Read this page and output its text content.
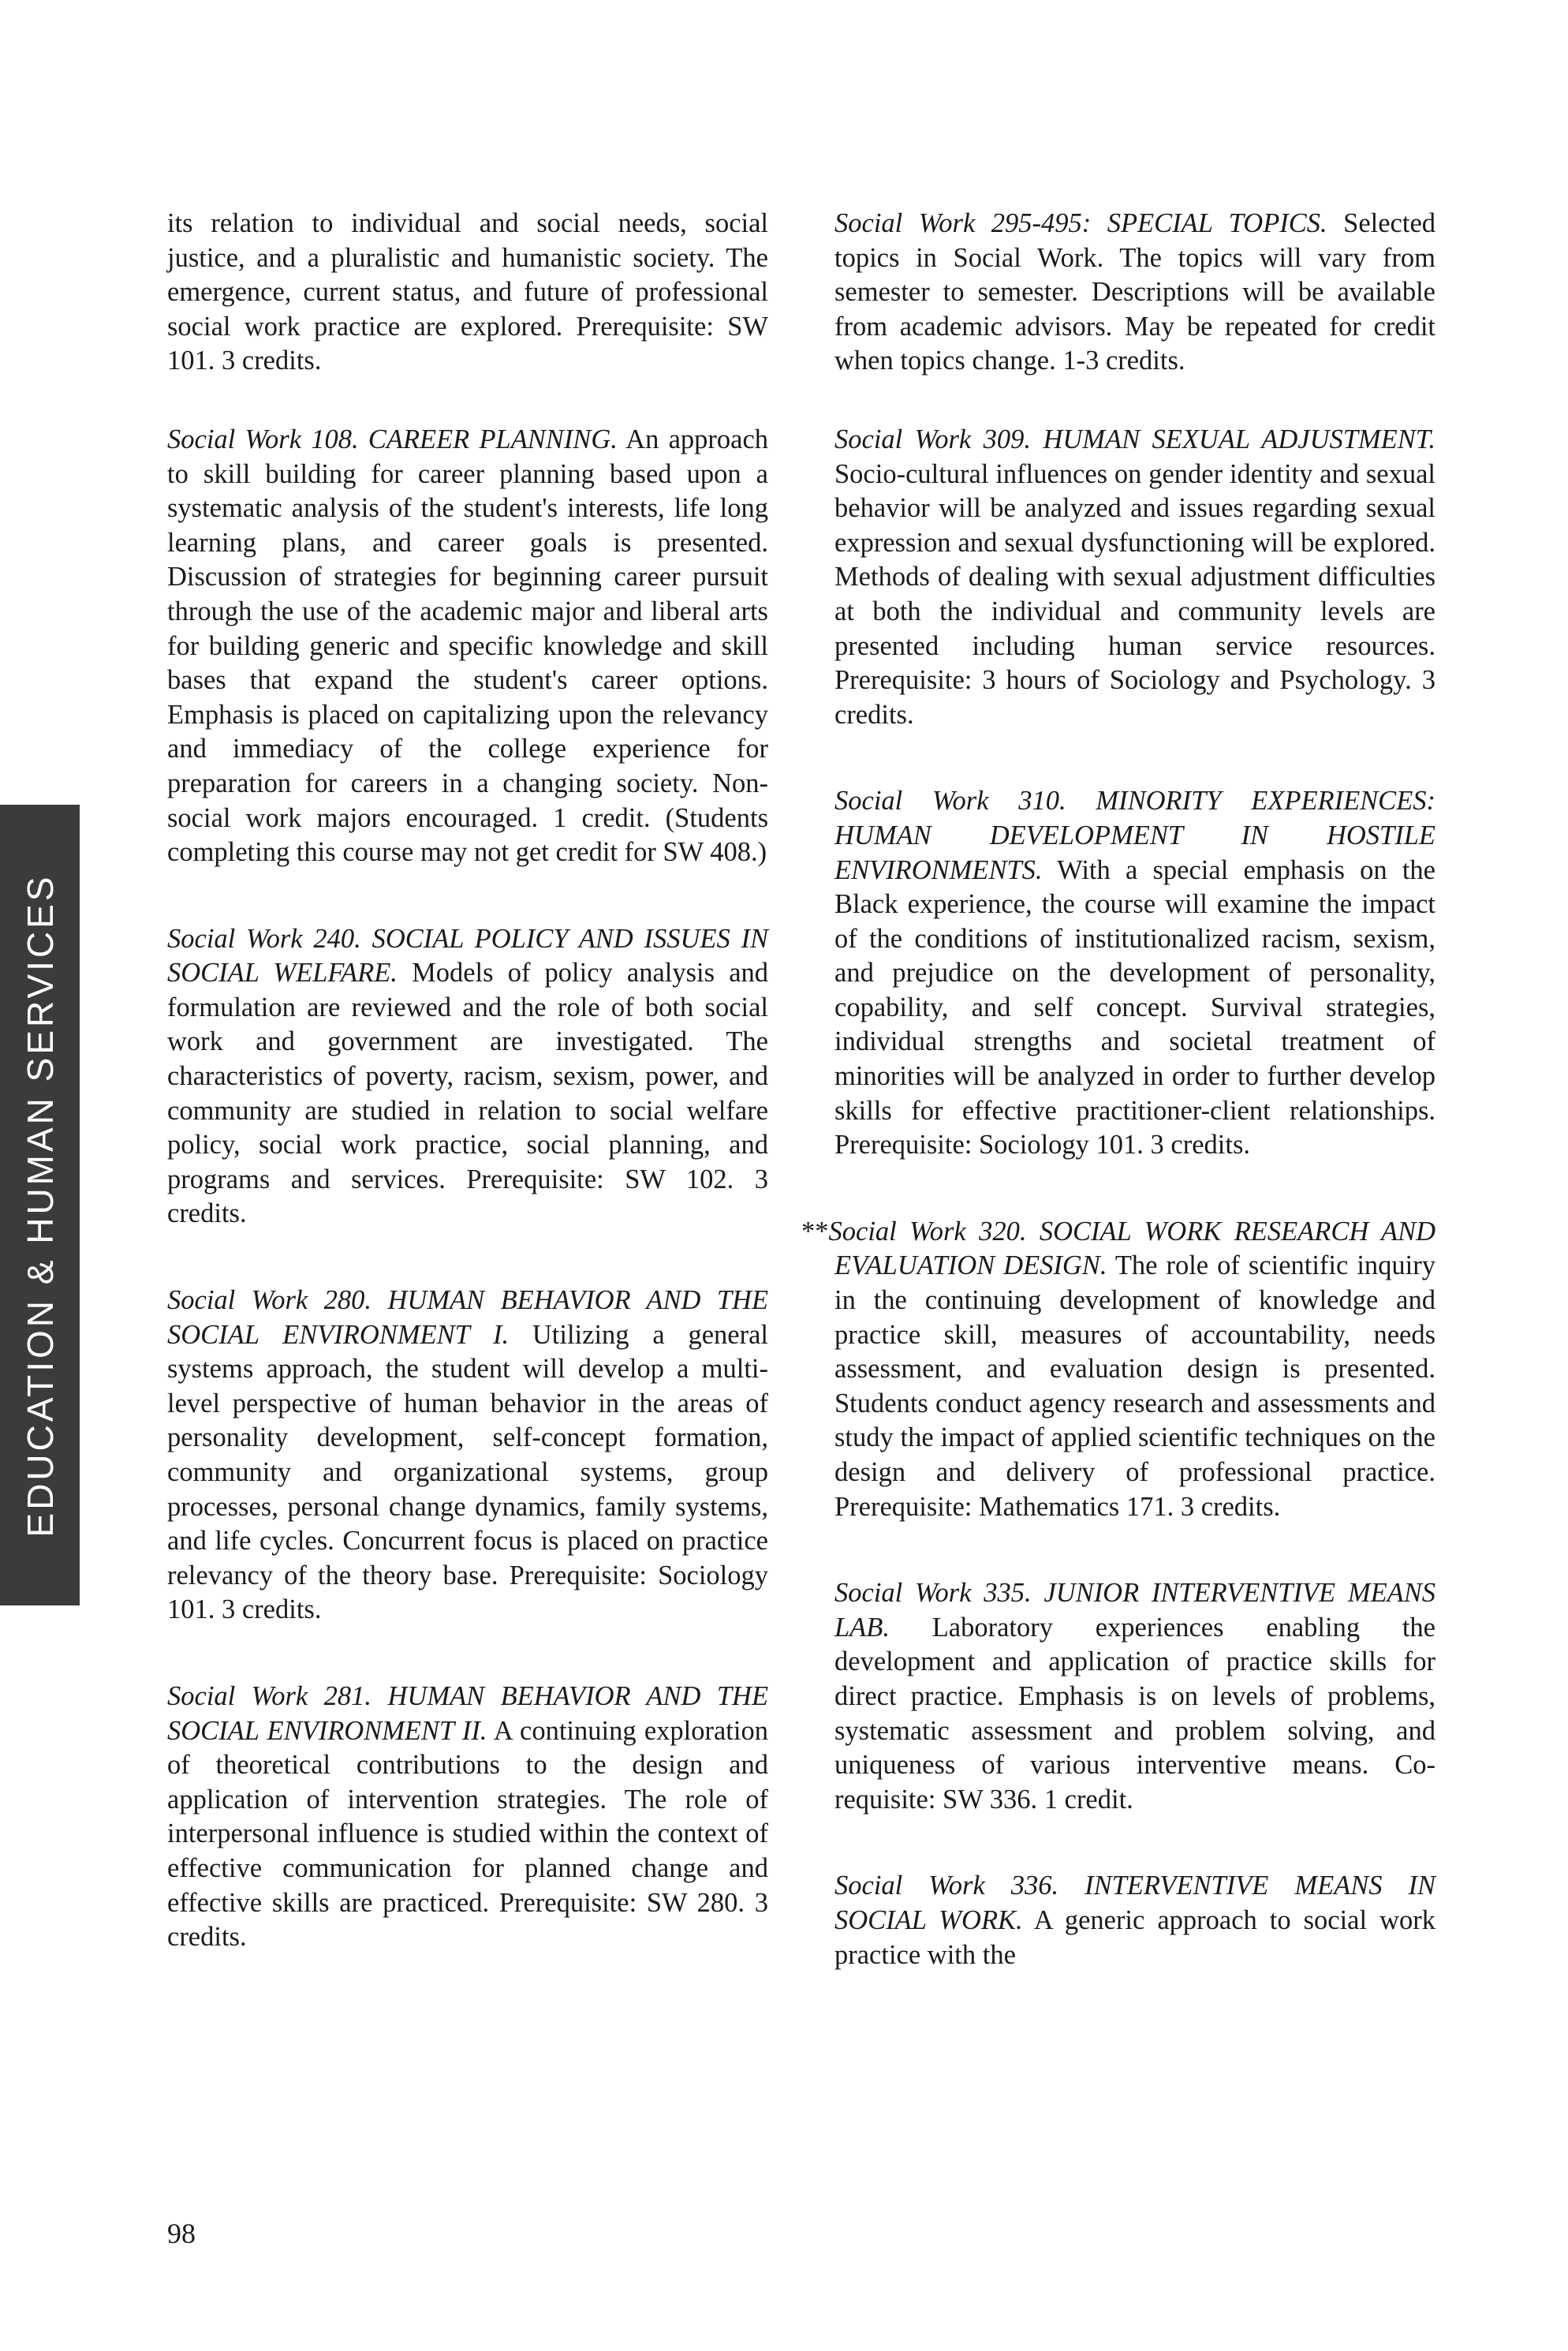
EDUCATION & HUMAN SERVICES

its relation to individual and social needs, social justice, and a pluralistic and humanistic society. The emergence, current status, and future of professional social work practice are explored. Prerequisite: SW 101. 3 credits.

Social Work 108. CAREER PLANNING. An approach to skill building for career planning based upon a systematic analysis of the student's interests, life long learning plans, and career goals is presented. Discussion of strategies for beginning career pursuit through the use of the academic major and liberal arts for building generic and specific knowledge and skill bases that expand the student's career options. Emphasis is placed on capitalizing upon the relevancy and immediacy of the college experience for preparation for careers in a changing society. Non-social work majors encouraged. 1 credit. (Students completing this course may not get credit for SW 408.)

Social Work 240. SOCIAL POLICY AND ISSUES IN SOCIAL WELFARE. Models of policy analysis and formulation are reviewed and the role of both social work and government are investigated. The characteristics of poverty, racism, sexism, power, and community are studied in relation to social welfare policy, social work practice, social planning, and programs and services. Prerequisite: SW 102. 3 credits.

Social Work 280. HUMAN BEHAVIOR AND THE SOCIAL ENVIRONMENT I. Utilizing a general systems approach, the student will develop a multi-level perspective of human behavior in the areas of personality development, self-concept formation, community and organizational systems, group processes, personal change dynamics, family systems, and life cycles. Concurrent focus is placed on practice relevancy of the theory base. Prerequisite: Sociology 101. 3 credits.

Social Work 281. HUMAN BEHAVIOR AND THE SOCIAL ENVIRONMENT II. A continuing exploration of theoretical contributions to the design and application of intervention strategies. The role of interpersonal influence is studied within the context of effective communication for planned change and effective skills are practiced. Prerequisite: SW 280. 3 credits.

Social Work 295-495: SPECIAL TOPICS. Selected topics in Social Work. The topics will vary from semester to semester. Descriptions will be available from academic advisors. May be repeated for credit when topics change. 1-3 credits.

Social Work 309. HUMAN SEXUAL ADJUSTMENT. Socio-cultural influences on gender identity and sexual behavior will be analyzed and issues regarding sexual expression and sexual dysfunctioning will be explored. Methods of dealing with sexual adjustment difficulties at both the individual and community levels are presented including human service resources. Prerequisite: 3 hours of Sociology and Psychology. 3 credits.

Social Work 310. MINORITY EXPERIENCES: HUMAN DEVELOPMENT IN HOSTILE ENVIRONMENTS. With a special emphasis on the Black experience, the course will examine the impact of the conditions of institutionalized racism, sexism, and prejudice on the development of personality, copability, and self concept. Survival strategies, individual strengths and societal treatment of minorities will be analyzed in order to further develop skills for effective practitioner-client relationships. Prerequisite: Sociology 101. 3 credits.

**Social Work 320. SOCIAL WORK RESEARCH AND EVALUATION DESIGN. The role of scientific inquiry in the continuing development of knowledge and practice skill, measures of accountability, needs assessment, and evaluation design is presented. Students conduct agency research and assessments and study the impact of applied scientific techniques on the design and delivery of professional practice. Prerequisite: Mathematics 171. 3 credits.

Social Work 335. JUNIOR INTERVENTIVE MEANS LAB. Laboratory experiences enabling the development and application of practice skills for direct practice. Emphasis is on levels of problems, systematic assessment and problem solving, and uniqueness of various interventive means. Co-requisite: SW 336. 1 credit.

Social Work 336. INTERVENTIVE MEANS IN SOCIAL WORK. A generic approach to social work practice with the

98
